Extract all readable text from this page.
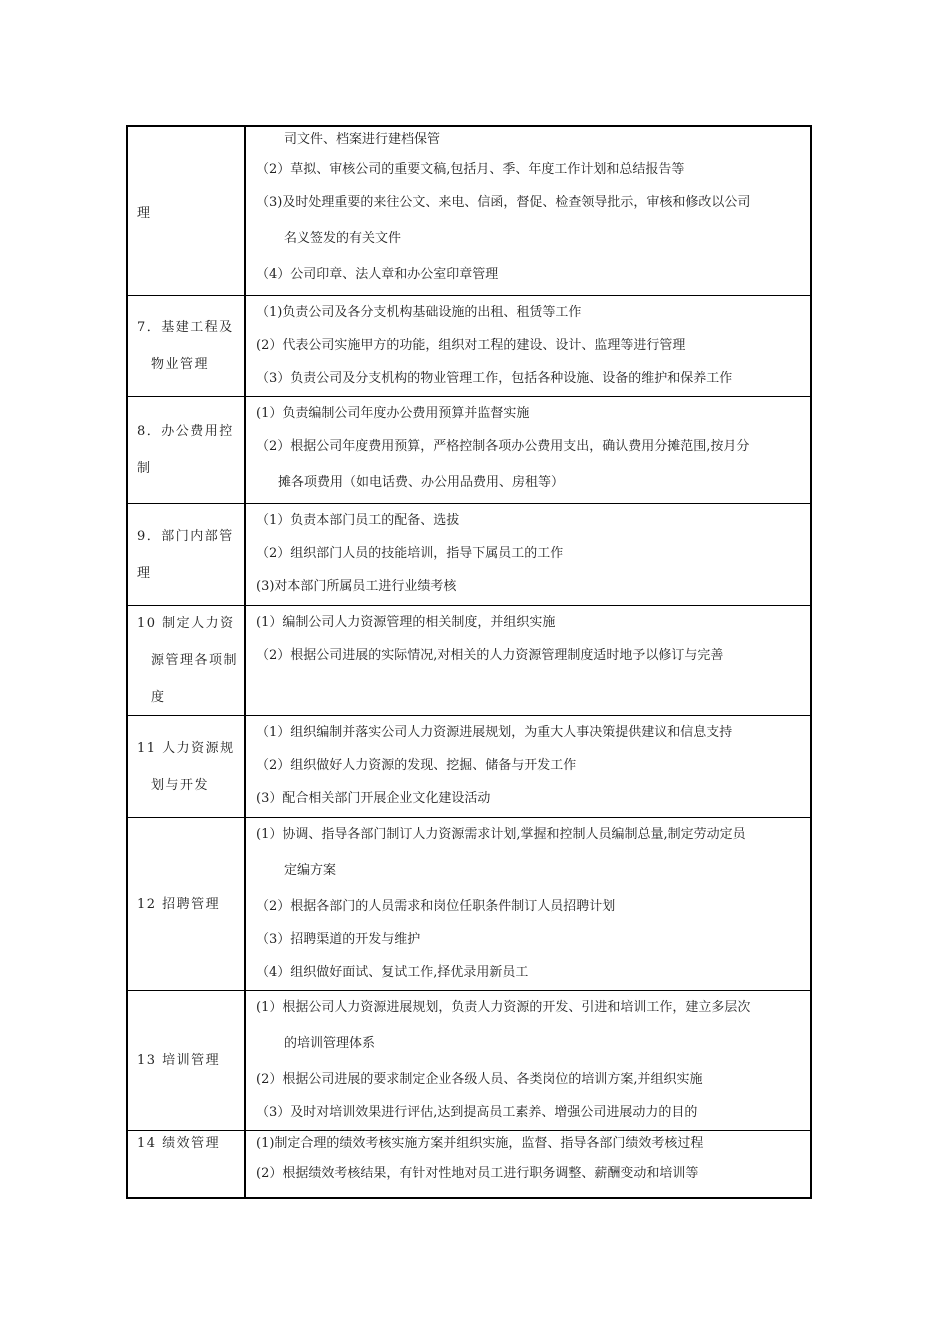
理
司文件、档案进行建档保管
（2）草拟、审核公司的重要文稿,包括月、季、年度工作计划和总结报告等
（3)及时处理重要的来往公文、来电、信函，督促、检查领导批示，审核和修改以公司
名义签发的有关文件
（4）公司印章、法人章和办公室印章管理
7．基建工程及
物业管理
（1)负责公司及各分支机构基础设施的出租、租赁等工作
(2）代表公司实施甲方的功能，组织对工程的建设、设计、监理等进行管理
（3）负责公司及分支机构的物业管理工作，包括各种设施、设备的维护和保养工作
8．办公费用控
制
(1）负责编制公司年度办公费用预算并监督实施
（2）根据公司年度费用预算，严格控制各项办公费用支出，确认费用分摊范围,按月分
摊各项费用（如电话费、办公用品费用、房租等）
9．部门内部管
理
（1）负责本部门员工的配备、选拔
（2）组织部门人员的技能培训，指导下属员工的工作
(3)对本部门所属员工进行业绩考核
10 制定人力资
源管理各项制
度
(1）编制公司人力资源管理的相关制度，并组织实施
（2）根据公司进展的实际情况,对相关的人力资源管理制度适时地予以修订与完善
11 人力资源规
划与开发
（1）组织编制并落实公司人力资源进展规划，为重大人事决策提供建议和信息支持
（2）组织做好人力资源的发现、挖掘、储备与开发工作
(3）配合相关部门开展企业文化建设活动
12 招聘管理
(1）协调、指导各部门制订人力资源需求计划,掌握和控制人员编制总量,制定劳动定员
定编方案
（2）根据各部门的人员需求和岗位任职条件制订人员招聘计划
（3）招聘渠道的开发与维护
（4）组织做好面试、复试工作,择优录用新员工
13 培训管理
(1）根据公司人力资源进展规划，负责人力资源的开发、引进和培训工作，建立多层次
的培训管理体系
(2）根据公司进展的要求制定企业各级人员、各类岗位的培训方案,并组织实施
（3）及时对培训效果进行评估,达到提高员工素养、增强公司进展动力的目的
14 绩效管理	(1)制定合理的绩效考核实施方案并组织实施，监督、指导各部门绩效考核过程
(2）根据绩效考核结果，有针对性地对员工进行职务调整、薪酬变动和培训等
